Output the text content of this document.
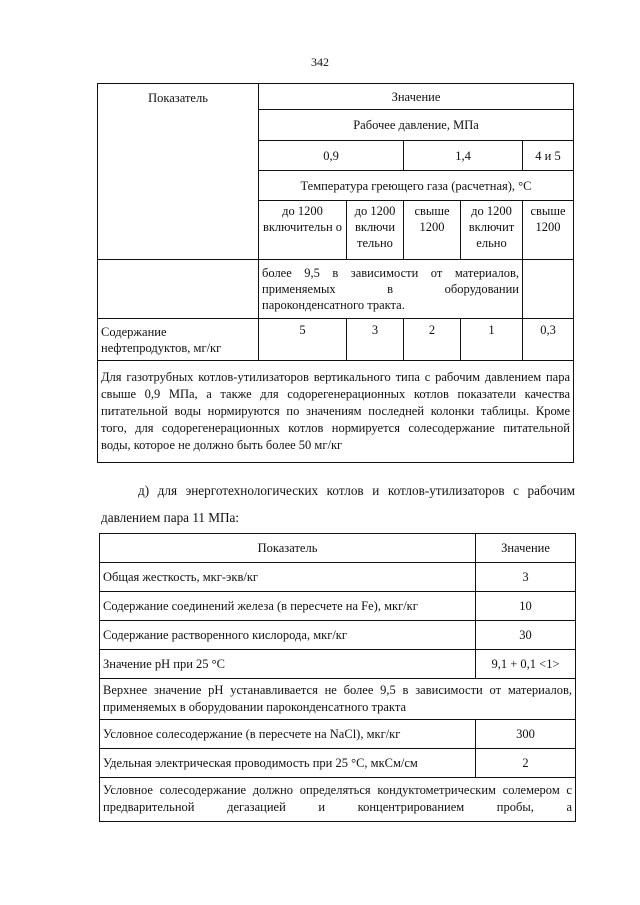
342
Показатель	Значение				
	Рабочее давление, МПа				
	0,9		1,4		4 и 5
	Температура греющего газа (расчетная), °C				
	до 1200 включительн о	до 1200 включи тельно	свыше 1200	до 1200 включит ельно	свыше 1200

	более 9,5 в зависимости от материалов,
применяемых в оборудовании
пароконденсатного тракта.				

Содержание нефтепродуктов, мг/кг	5	3	2	1	0,3
Для газотрубных котлов-утилизаторов вертикального типа с рабочим давлением пара свыше 0,9 МПа, а также для содорегенерационных котлов показатели качества питательной воды нормируются по значениям последней колонки таблицы. Кроме того, для содорегенерационных котлов нормируется солесодержание питательной воды, которое не должно быть более 50 мг/кг					
д) для энерготехнологических котлов и котлов-утилизаторов с рабочим
давлением пара 11 МПа:
Показатель	Значение
Общая жесткость, мкг-экв/кг	3
Содержание соединений железа (в пересчете на Fe), мкг/кг	10
Содержание растворенного кислорода, мкг/кг	30
Значение pH при 25 °С	9,1 + 0,1 <1>
Верхнее значение pH устанавливается не более 9,5 в зависимости от материалов, применяемых в оборудовании пароконденсатного тракта	
Условное солесодержание (в пересчете на NaCl), мкг/кг	300
Удельная электрическая проводимость при 25 °С, мкСм/см	2
Условное солесодержание должно определяться кондуктометрическим солемером с предварительной дегазацией и концентрированием пробы, а	
